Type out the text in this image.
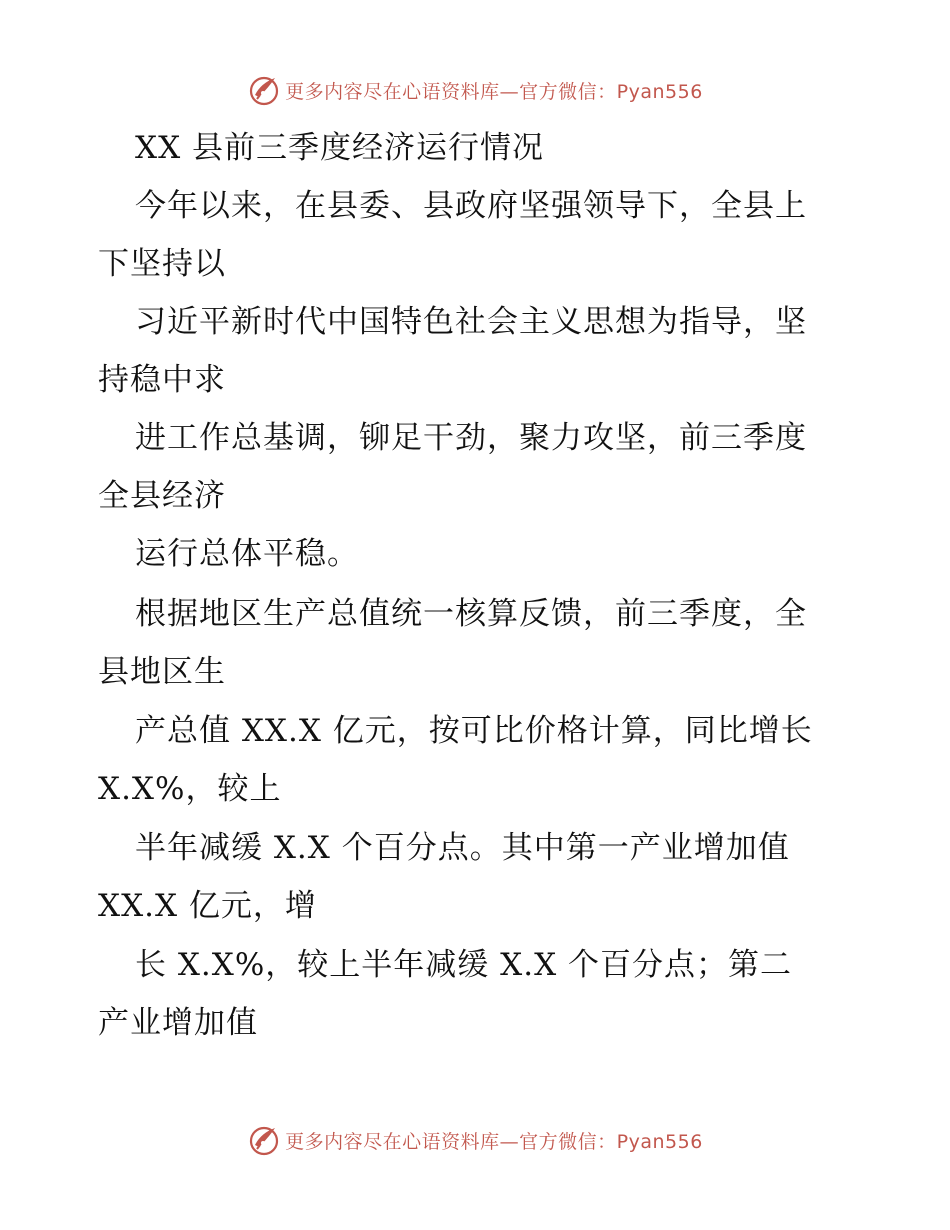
更多内容尽在心语资料库—官方微信：Pyan556
XX 县前三季度经济运行情况
今年以来，在县委、县政府坚强领导下，全县上
下坚持以
习近平新时代中国特色社会主义思想为指导，坚
持稳中求
进工作总基调，铆足干劲，聚力攻坚，前三季度
全县经济
运行总体平稳。
根据地区生产总值统一核算反馈，前三季度，全
县地区生
产总值 XX.X 亿元，按可比价格计算，同比增长
X.X%，较上
半年减缓 X.X 个百分点。其中第一产业增加值
XX.X 亿元，增
长 X.X%，较上半年减缓 X.X 个百分点；第二
产业增加值
更多内容尽在心语资料库—官方微信：Pyan556
